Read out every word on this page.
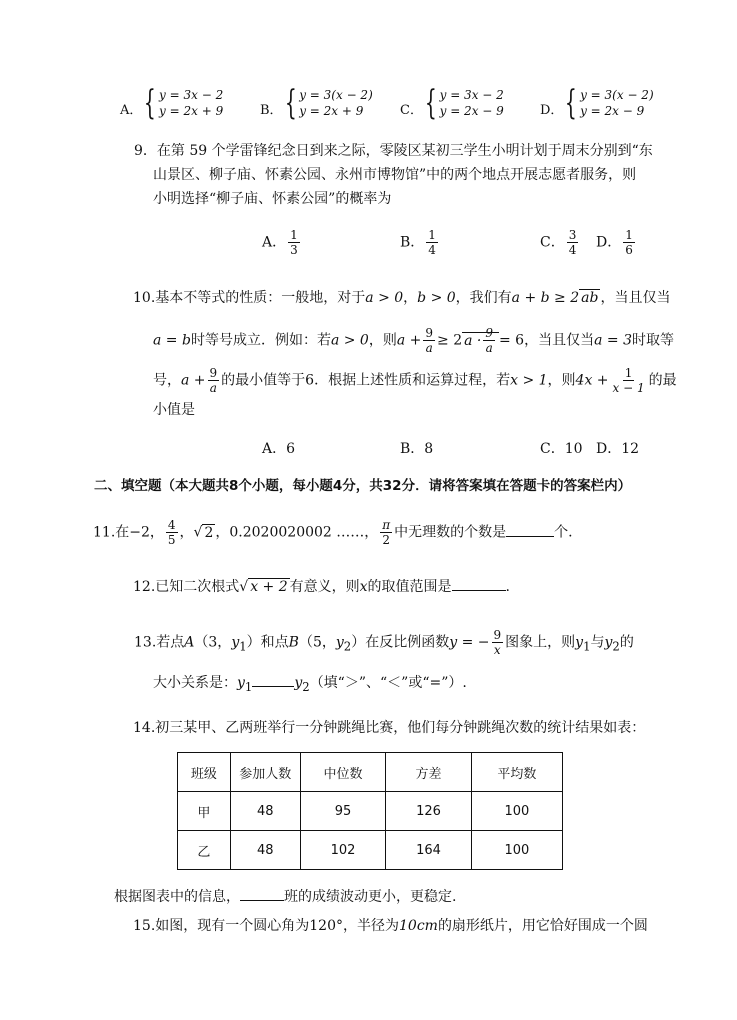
A． { y = 3x − 2
y = 2x + 9	B． { y = 3(x − 2)
y = 2x + 9	C． { y = 3x − 2
y = 2x − 9	D． { y = 3(x − 2)
y = 2x − 9
9．在第 59 个学雷锋纪念日到来之际，零陵区某初三学生小明计划于周末分别到“东
山景区、柳子庙、怀素公园、永州市博物馆”中的两个地点开展志愿者服务，则
小明选择“柳子庙、怀素公园”的概率为
A． $\frac{1}{3}$	B． $\frac{1}{4}$	C． $\frac{3}{4}$ D． $\frac{1}{6}$
10.基本不等式的性质：一般地，对于a > 0，b > 0，我们有a + b ≥ 2 ab ，当且仅当
a = b时等号成立．例如：若a > 0，则$a + \frac{9}{a} \ge 2$ $a \cdot \frac{9}{a} = 6$，当且仅当a = 3时取等
号，$a + \frac{9}{a}$ 的最小值等于6．根据上述性质和运算过程，若x > 1，则$4x + \frac{1}{x - 1}$ 的最
小值是
A．6	B．8	C．10 D．12
二、填空题（本大题共8个小题，每小题4分，共32分．请将答案填在答题卡的答案栏内）
11.在−2， $\frac{4}{5}$ ，√ 2 ，0.2020020002 ……， $\frac{\pi}{2}$ 中无理数的个数是	个.
12.已知二次根式√ x + 2 有意义，则x的取值范围是	.
13.若点A（3，$y_1$）和点B（5，$y_2$）在反比例函数y = − $\frac{9}{x}$ 图象上，则$y_1$与$y_2$的
大小关系是：$y_1$	$y_2$（填“＞”、“＜”或“=”）.
14.初三某甲、乙两班举行一分钟跳绳比赛，他们每分钟跳绳次数的统计结果如表：
班级	参加人数	中位数	方差	平均数
甲	48	95	126	100
乙	48	102	164	100
根据图表中的信息，	班的成绩波动更小，更稳定.
15.如图，现有一个圆心角为120°，半径为10cm的扇形纸片，用它恰好围成一个圆
